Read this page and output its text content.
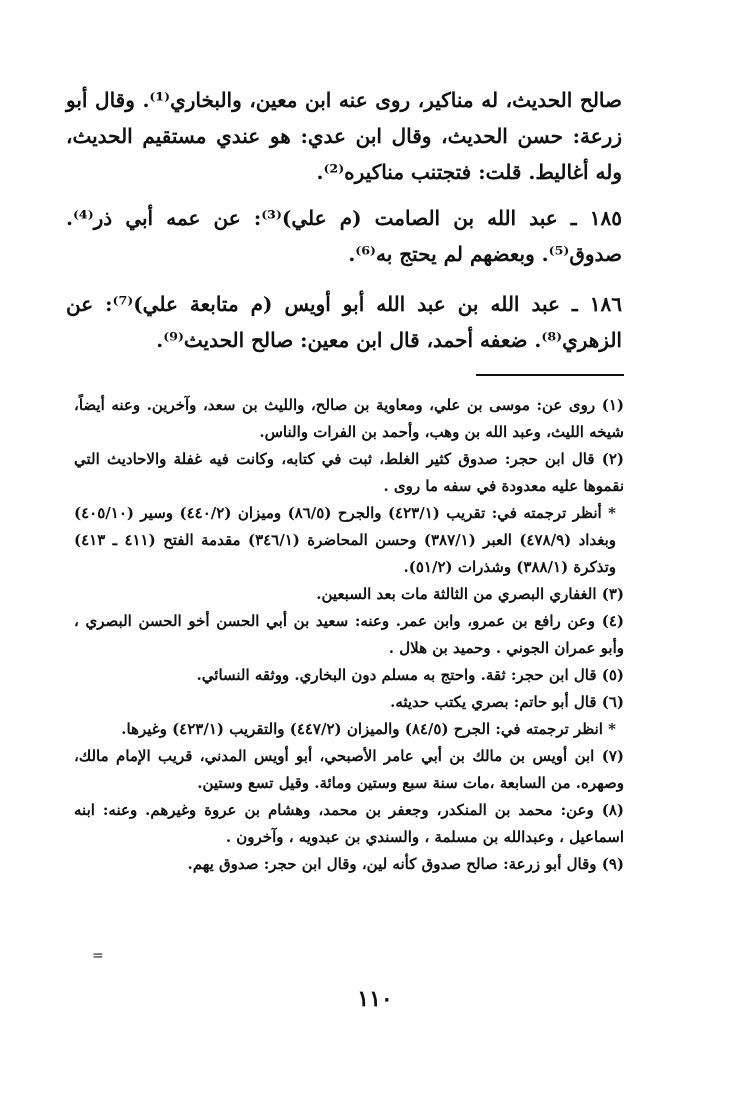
صالح الحديث، له مناكير، روى عنه ابن معين، والبخاري⁽¹⁾. وقال أبو زرعة: حسن الحديث، وقال ابن عدي: هو عندي مستقيم الحديث، وله أغاليط. قلت: فتجتنب مناكيره⁽²⁾.

١٨٥ ـ عبد الله بن الصامت (م علي)⁽³⁾: عن عمه أبي ذر⁽⁴⁾. صدوق⁽⁵⁾. وبعضهم لم يحتج به⁽⁶⁾.

١٨٦ ـ عبد الله بن عبد الله أبو أويس (م متابعة علي)⁽⁷⁾: عن الزهري⁽⁸⁾. ضعفه أحمد، قال ابن معين: صالح الحديث⁽⁹⁾.

(١) روى عن: موسى بن علي، ومعاوية بن صالح، والليث بن سعد، وآخرين. وعنه أيضاً، شيخه الليث، وعبد الله بن وهب، وأحمد بن الفرات والناس.

(٢) قال ابن حجر: صدوق كثير الغلط، ثبت في كتابه، وكانت فيه غفلة والاحاديث التي نقموها عليه معدودة في سفه ما روى .

* أنظر ترجمته في: تقريب (٤٢٣/١) والجرح (٨٦/٥) وميزان (٤٤٠/٢) وسير (٤٠٥/١٠) وبغداد (٤٧٨/٩) العبر (٣٨٧/١) وحسن المحاضرة (٣٤٦/١) مقدمة الفتح (٤١١ ـ ٤١٣) وتذكرة (٣٨٨/١) وشذرات (٥١/٢).

(٣) الغفاري البصري من الثالثة مات بعد السبعين.

(٤) وعن رافع بن عمرو، وابن عمر. وعنه: سعيد بن أبي الحسن أخو الحسن البصري ، وأبو عمران الجوني . وحميد بن هلال .

(٥) قال ابن حجر: ثقة. واحتج به مسلم دون البخاري. ووثقه النسائي.

(٦) قال أبو حاتم: بصري يكتب حديثه.

* انظر ترجمته في: الجرح (٨٤/٥) والميزان (٤٤٧/٢) والتقريب (٤٢٣/١) وغيرها.

(٧) ابن أويس بن مالك بن أبي عامر الأصبحي، أبو أويس المدني، قريب الإمام مالك، وصهره. من السابعة ،مات سنة سبع وستين ومائة. وقيل تسع وستين.

(٨) وعن: محمد بن المنكدر، وجعفر بن محمد، وهشام بن عروة وغيرهم. وعنه: ابنه اسماعيل ، وعبدالله بن مسلمة ، والسندي بن عبدويه ، وآخرون .

(٩) وقال أبو زرعة: صالح صدوق كأنه لين، وقال ابن حجر: صدوق يهم.

=
١١٠
